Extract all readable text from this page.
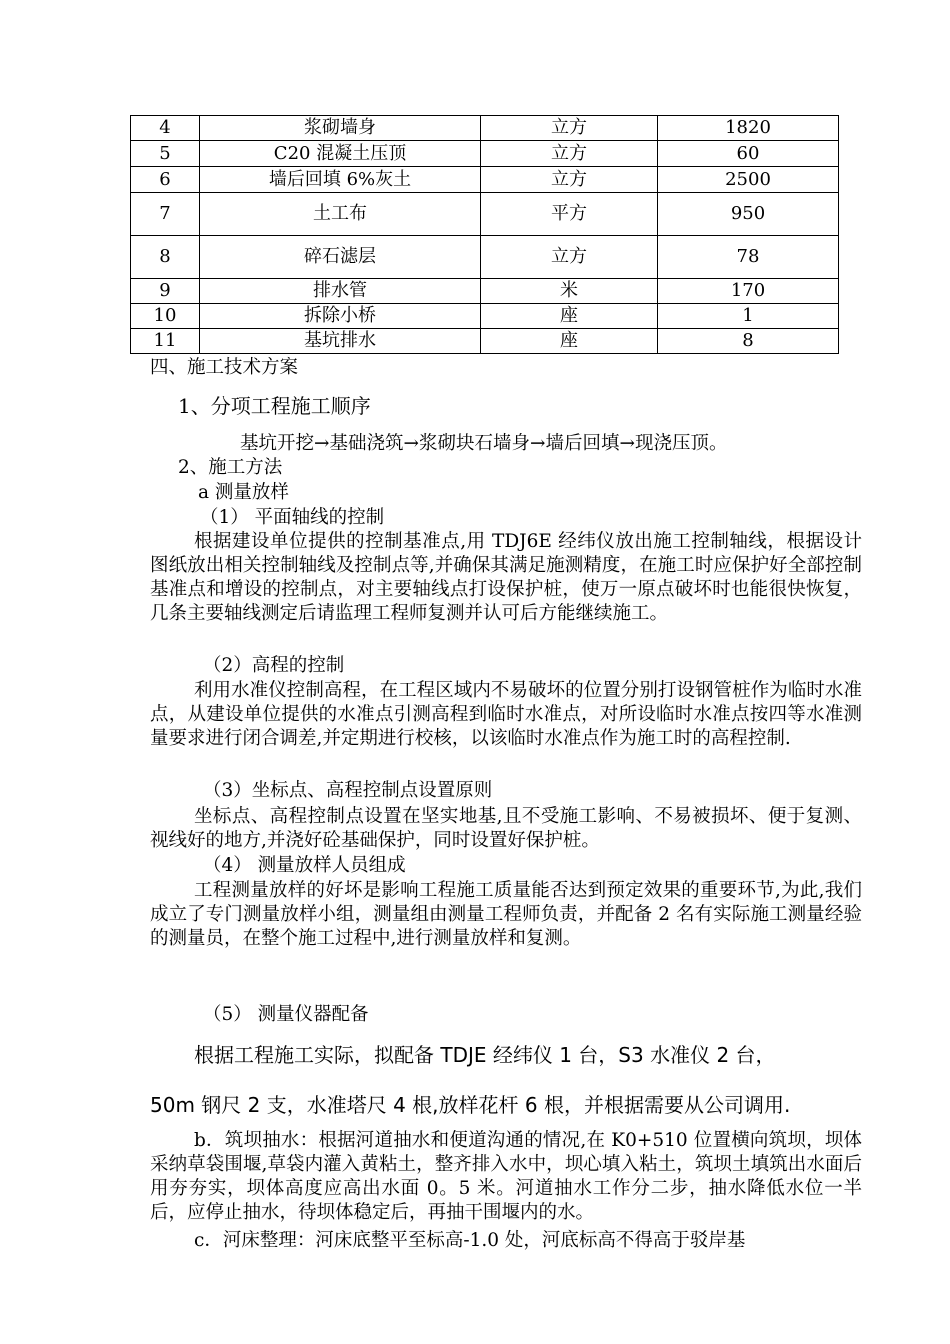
4	浆砌墙身	立方	1820
5	C20 混凝土压顶	立方	60
6	墙后回填 6%灰土	立方	2500
7	土工布	平方	950
8	碎石滤层	立方	78
9	排水管	米	170
10	拆除小桥	座	1
11	基坑排水	座	8
四、施工技术方案
1、分项工程施工顺序
基坑开挖→基础浇筑→浆砌块石墙身→墙后回填→现浇压顶。
2、施工方法
a 测量放样
（1） 平面轴线的控制
根据建设单位提供的控制基准点,用 TDJ6E 经纬仪放出施工控制轴线，根据设计图纸放出相关控制轴线及控制点等,并确保其满足施测精度，在施工时应保护好全部控制基准点和增设的控制点，对主要轴线点打设保护桩，使万一原点破坏时也能很快恢复，几条主要轴线测定后请监理工程师复测并认可后方能继续施工。
（2）高程的控制
利用水准仪控制高程，在工程区域内不易破坏的位置分别打设钢管桩作为临时水准点，从建设单位提供的水准点引测高程到临时水准点，对所设临时水准点按四等水准测量要求进行闭合调差,并定期进行校核，以该临时水准点作为施工时的高程控制.
（3）坐标点、高程控制点设置原则
坐标点、高程控制点设置在坚实地基,且不受施工影响、不易被损坏、便于复测、视线好的地方,并浇好砼基础保护，同时设置好保护桩。
（4） 测量放样人员组成
工程测量放样的好坏是影响工程施工质量能否达到预定效果的重要环节,为此,我们成立了专门测量放样小组，测量组由测量工程师负责，并配备 2 名有实际施工测量经验的测量员，在整个施工过程中,进行测量放样和复测。
（5） 测量仪器配备
根据工程施工实际，拟配备 TDJE 经纬仪 1 台，S3 水准仪 2 台，
50m 钢尺 2 支，水准塔尺 4 根,放样花杆 6 根，并根据需要从公司调用.
b．筑坝抽水：根据河道抽水和便道沟通的情况,在 K0+510 位置横向筑坝，坝体采纳草袋围堰,草袋内灌入黄粘土，整齐排入水中，坝心填入粘土，筑坝土填筑出水面后用夯夯实，坝体高度应高出水面 0。5 米。河道抽水工作分二步，抽水降低水位一半后，应停止抽水，待坝体稳定后，再抽干围堰内的水。
c．河床整理：河床底整平至标高-1.0 处，河底标高不得高于驳岸基
